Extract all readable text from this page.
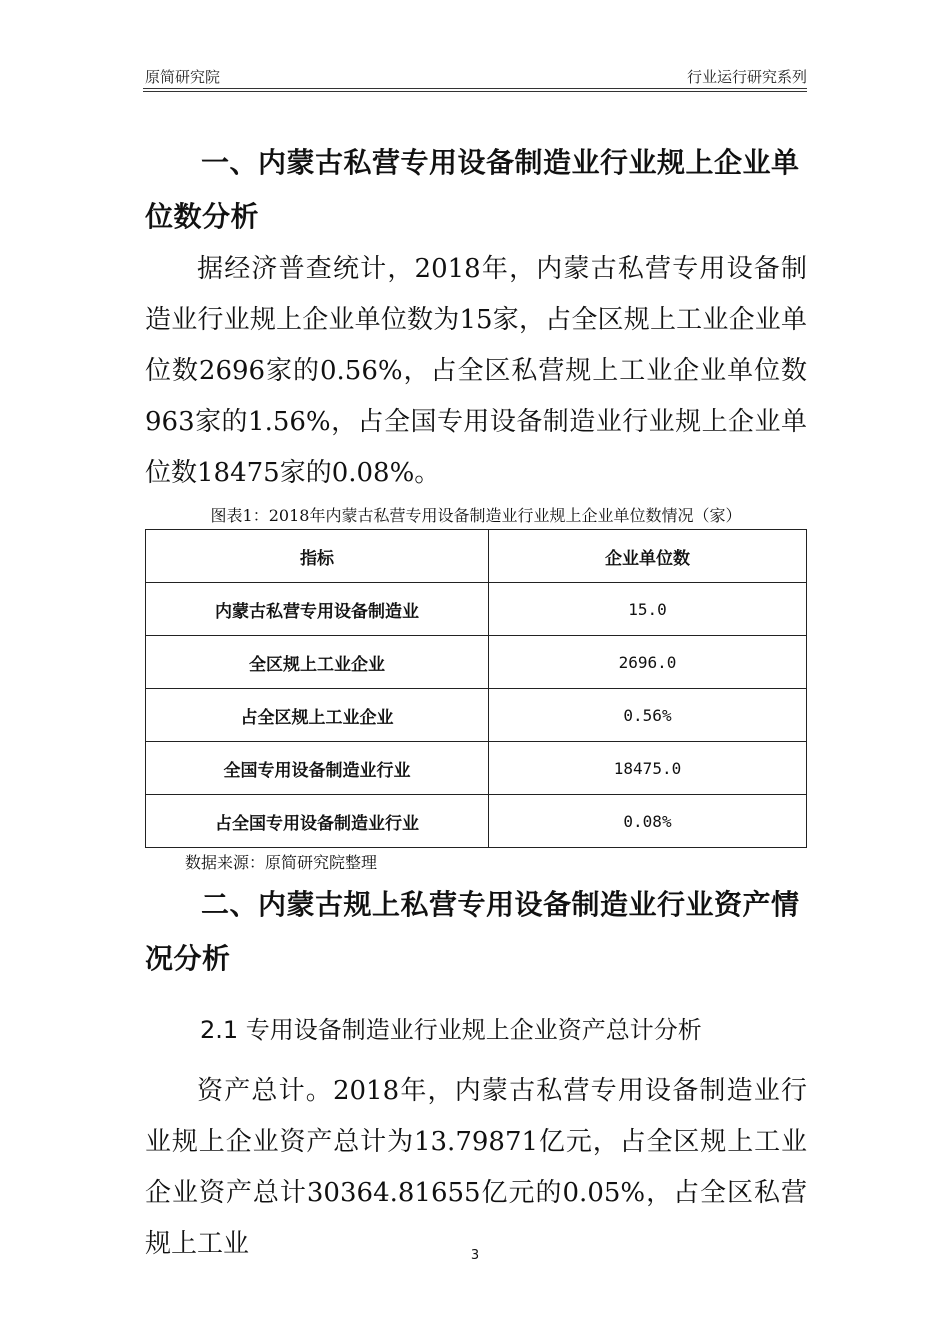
原简研究院	行业运行研究系列
一、内蒙古私营专用设备制造业行业规上企业单位数分析

据经济普查统计，2018年，内蒙古私营专用设备制造业行业规上企业单位数为15家，占全区规上工业企业单位数2696家的0.56%，占全区私营规上工业企业单位数963家的1.56%，占全国专用设备制造业行业规上企业单位数18475家的0.08%。

图表1：2018年内蒙古私营专用设备制造业行业规上企业单位数情况（家）
指标	企业单位数
内蒙古私营专用设备制造业	15.0
全区规上工业企业	2696.0
占全区规上工业企业	0.56%
全国专用设备制造业行业	18475.0
占全国专用设备制造业行业	0.08%
数据来源：原简研究院整理
二、内蒙古规上私营专用设备制造业行业资产情况分析
2.1 专用设备制造业行业规上企业资产总计分析

资产总计。2018年，内蒙古私营专用设备制造业行业规上企业资产总计为13.79871亿元，占全区规上工业企业资产总计30364.81655亿元的0.05%，占全区私营规上工业	3
